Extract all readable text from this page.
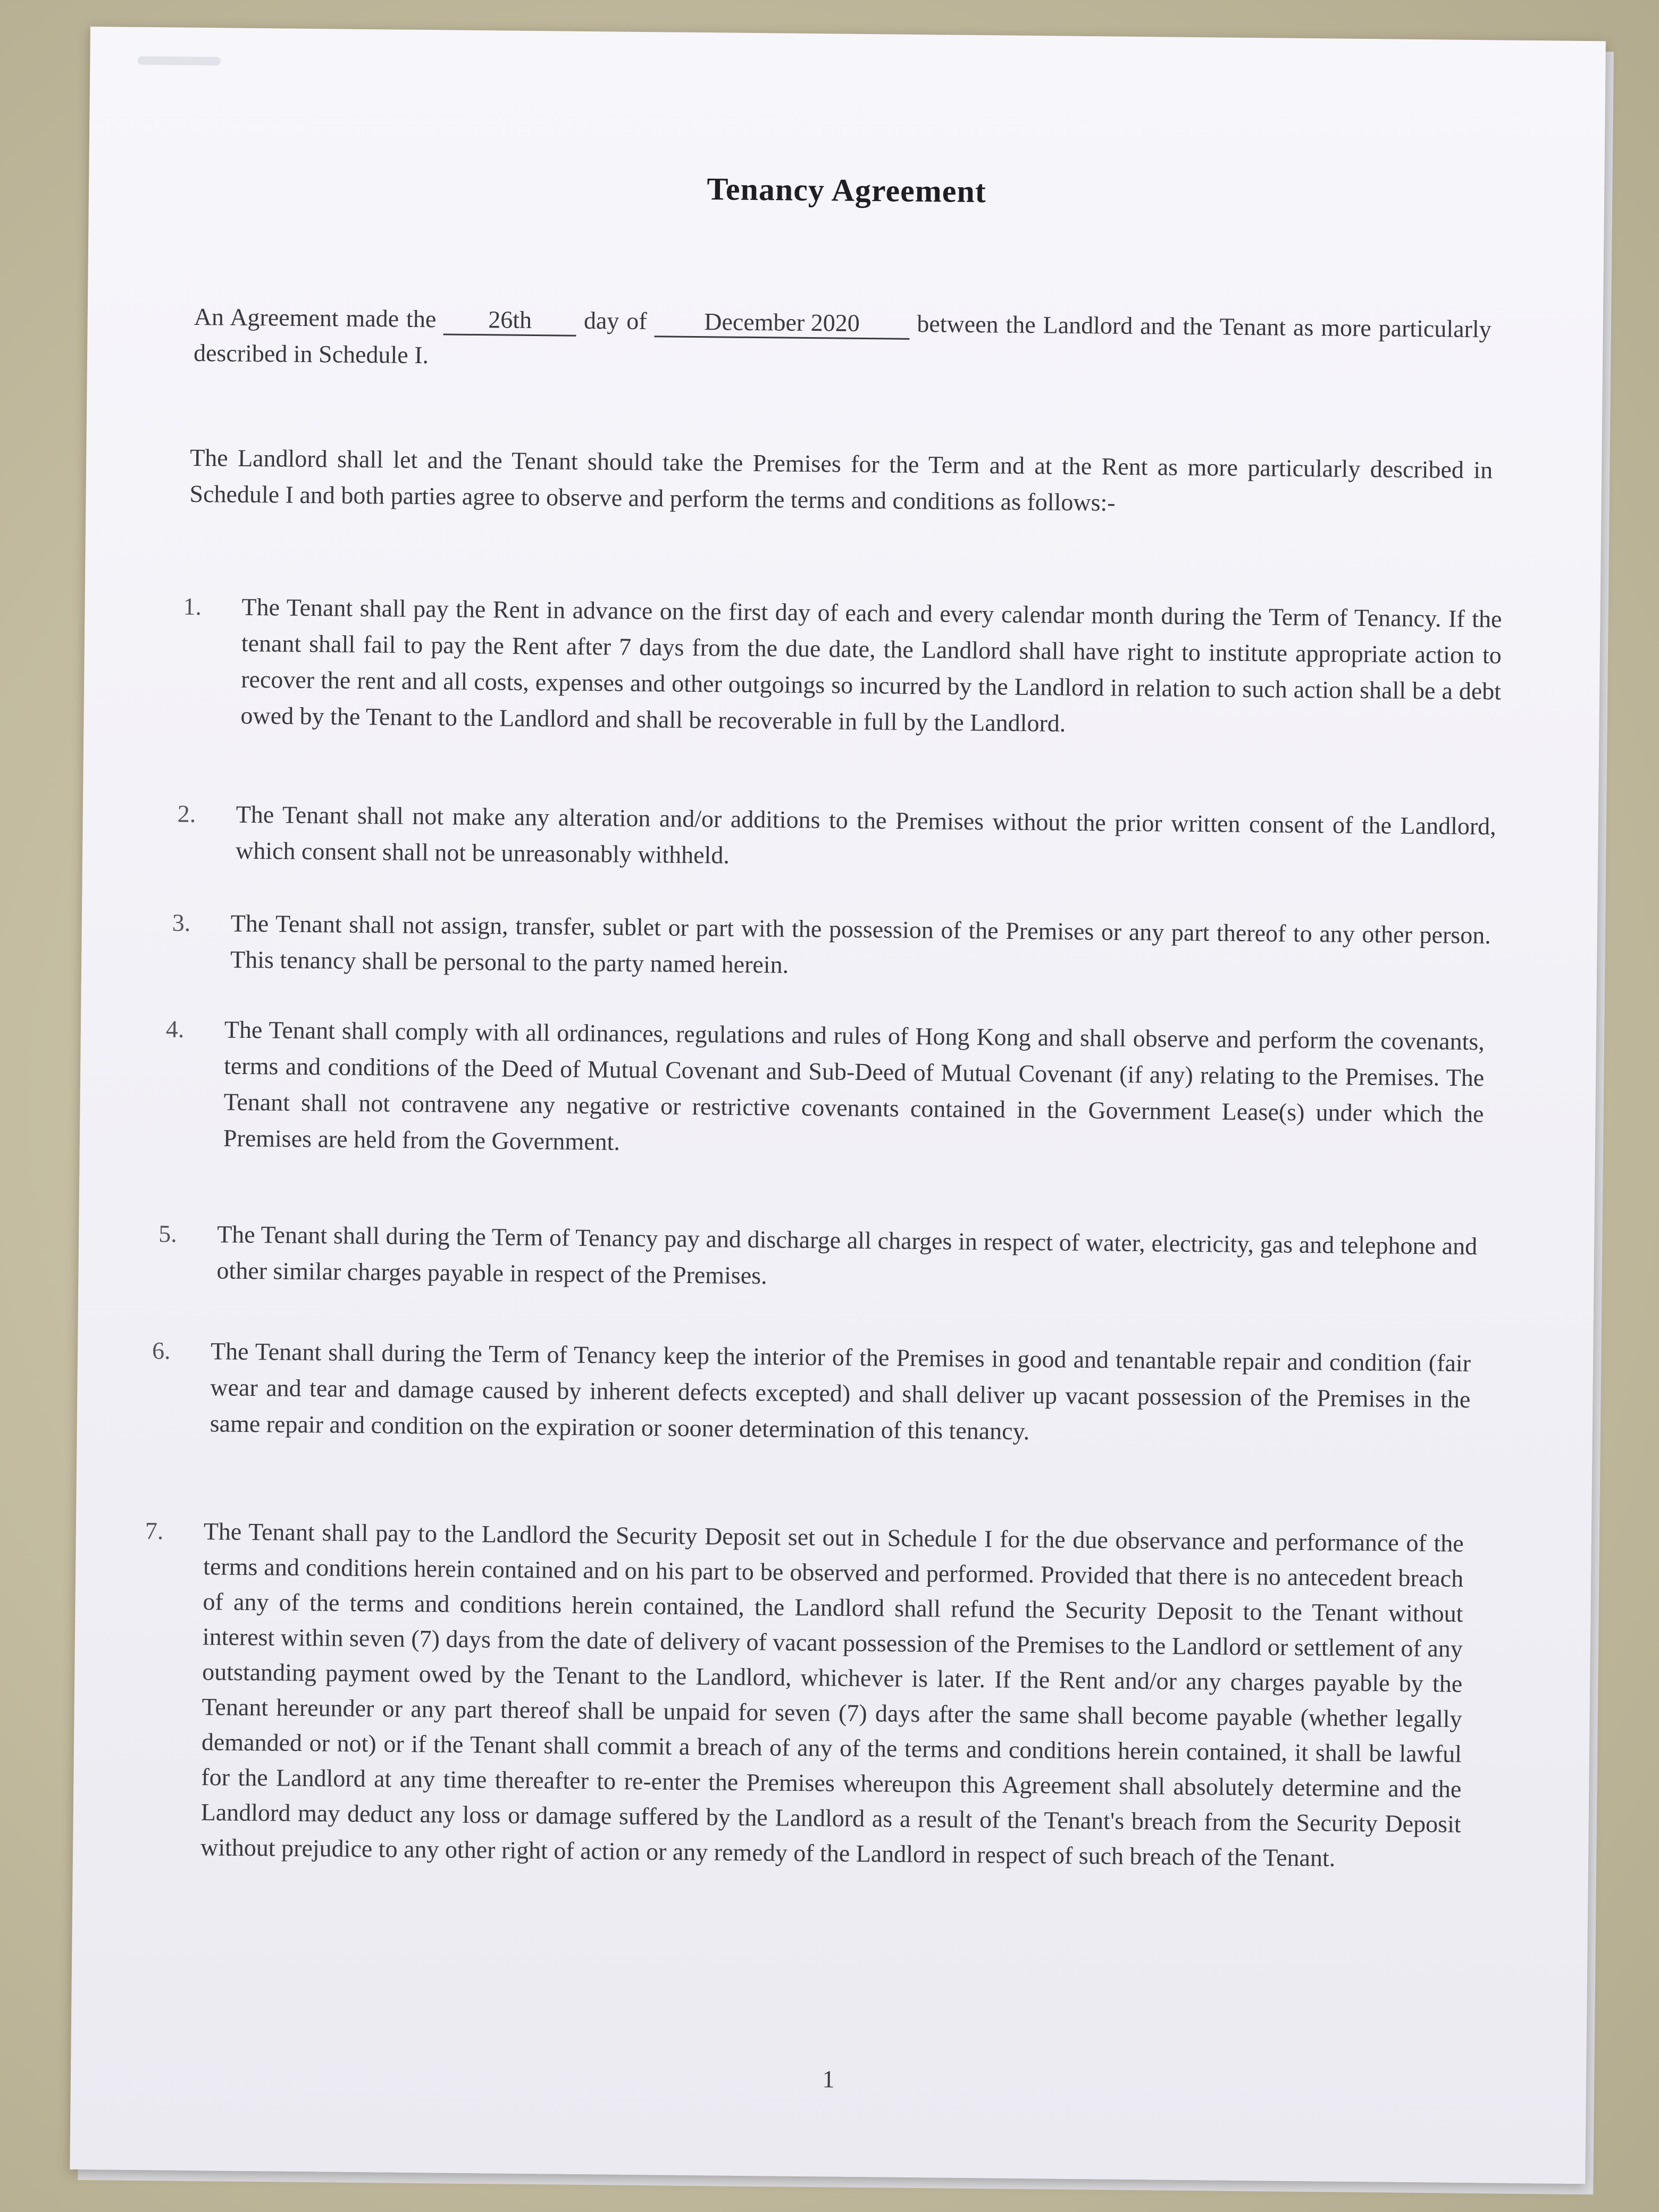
Tenancy Agreement

An Agreement made the 26th day of December 2020 between the Landlord and the Tenant as more particularly described in Schedule I.

The Landlord shall let and the Tenant should take the Premises for the Term and at the Rent as more particularly described in Schedule I and both parties agree to observe and perform the terms and conditions as follows:-

1.	The Tenant shall pay the Rent in advance on the first day of each and every calendar month during the Term of Tenancy. If the tenant shall fail to pay the Rent after 7 days from the due date, the Landlord shall have right to institute appropriate action to recover the rent and all costs, expenses and other outgoings so incurred by the Landlord in relation to such action shall be a debt owed by the Tenant to the Landlord and shall be recoverable in full by the Landlord.
2.	The Tenant shall not make any alteration and/or additions to the Premises without the prior written consent of the Landlord, which consent shall not be unreasonably withheld.
3.	The Tenant shall not assign, transfer, sublet or part with the possession of the Premises or any part thereof to any other person. This tenancy shall be personal to the party named herein.
4.	The Tenant shall comply with all ordinances, regulations and rules of Hong Kong and shall observe and perform the covenants, terms and conditions of the Deed of Mutual Covenant and Sub-Deed of Mutual Covenant (if any) relating to the Premises. The Tenant shall not contravene any negative or restrictive covenants contained in the Government Lease(s) under which the Premises are held from the Government.
5.	The Tenant shall during the Term of Tenancy pay and discharge all charges in respect of water, electricity, gas and telephone and other similar charges payable in respect of the Premises.
6.	The Tenant shall during the Term of Tenancy keep the interior of the Premises in good and tenantable repair and condition (fair wear and tear and damage caused by inherent defects excepted) and shall deliver up vacant possession of the Premises in the same repair and condition on the expiration or sooner determination of this tenancy.
7.	The Tenant shall pay to the Landlord the Security Deposit set out in Schedule I for the due observance and performance of the terms and conditions herein contained and on his part to be observed and performed. Provided that there is no antecedent breach of any of the terms and conditions herein contained, the Landlord shall refund the Security Deposit to the Tenant without interest within seven (7) days from the date of delivery of vacant possession of the Premises to the Landlord or settlement of any outstanding payment owed by the Tenant to the Landlord, whichever is later. If the Rent and/or any charges payable by the Tenant hereunder or any part thereof shall be unpaid for seven (7) days after the same shall become payable (whether legally demanded or not) or if the Tenant shall commit a breach of any of the terms and conditions herein contained, it shall be lawful for the Landlord at any time thereafter to re-enter the Premises whereupon this Agreement shall absolutely determine and the Landlord may deduct any loss or damage suffered by the Landlord as a result of the Tenant's breach from the Security Deposit without prejudice to any other right of action or any remedy of the Landlord in respect of such breach of the Tenant.
1
